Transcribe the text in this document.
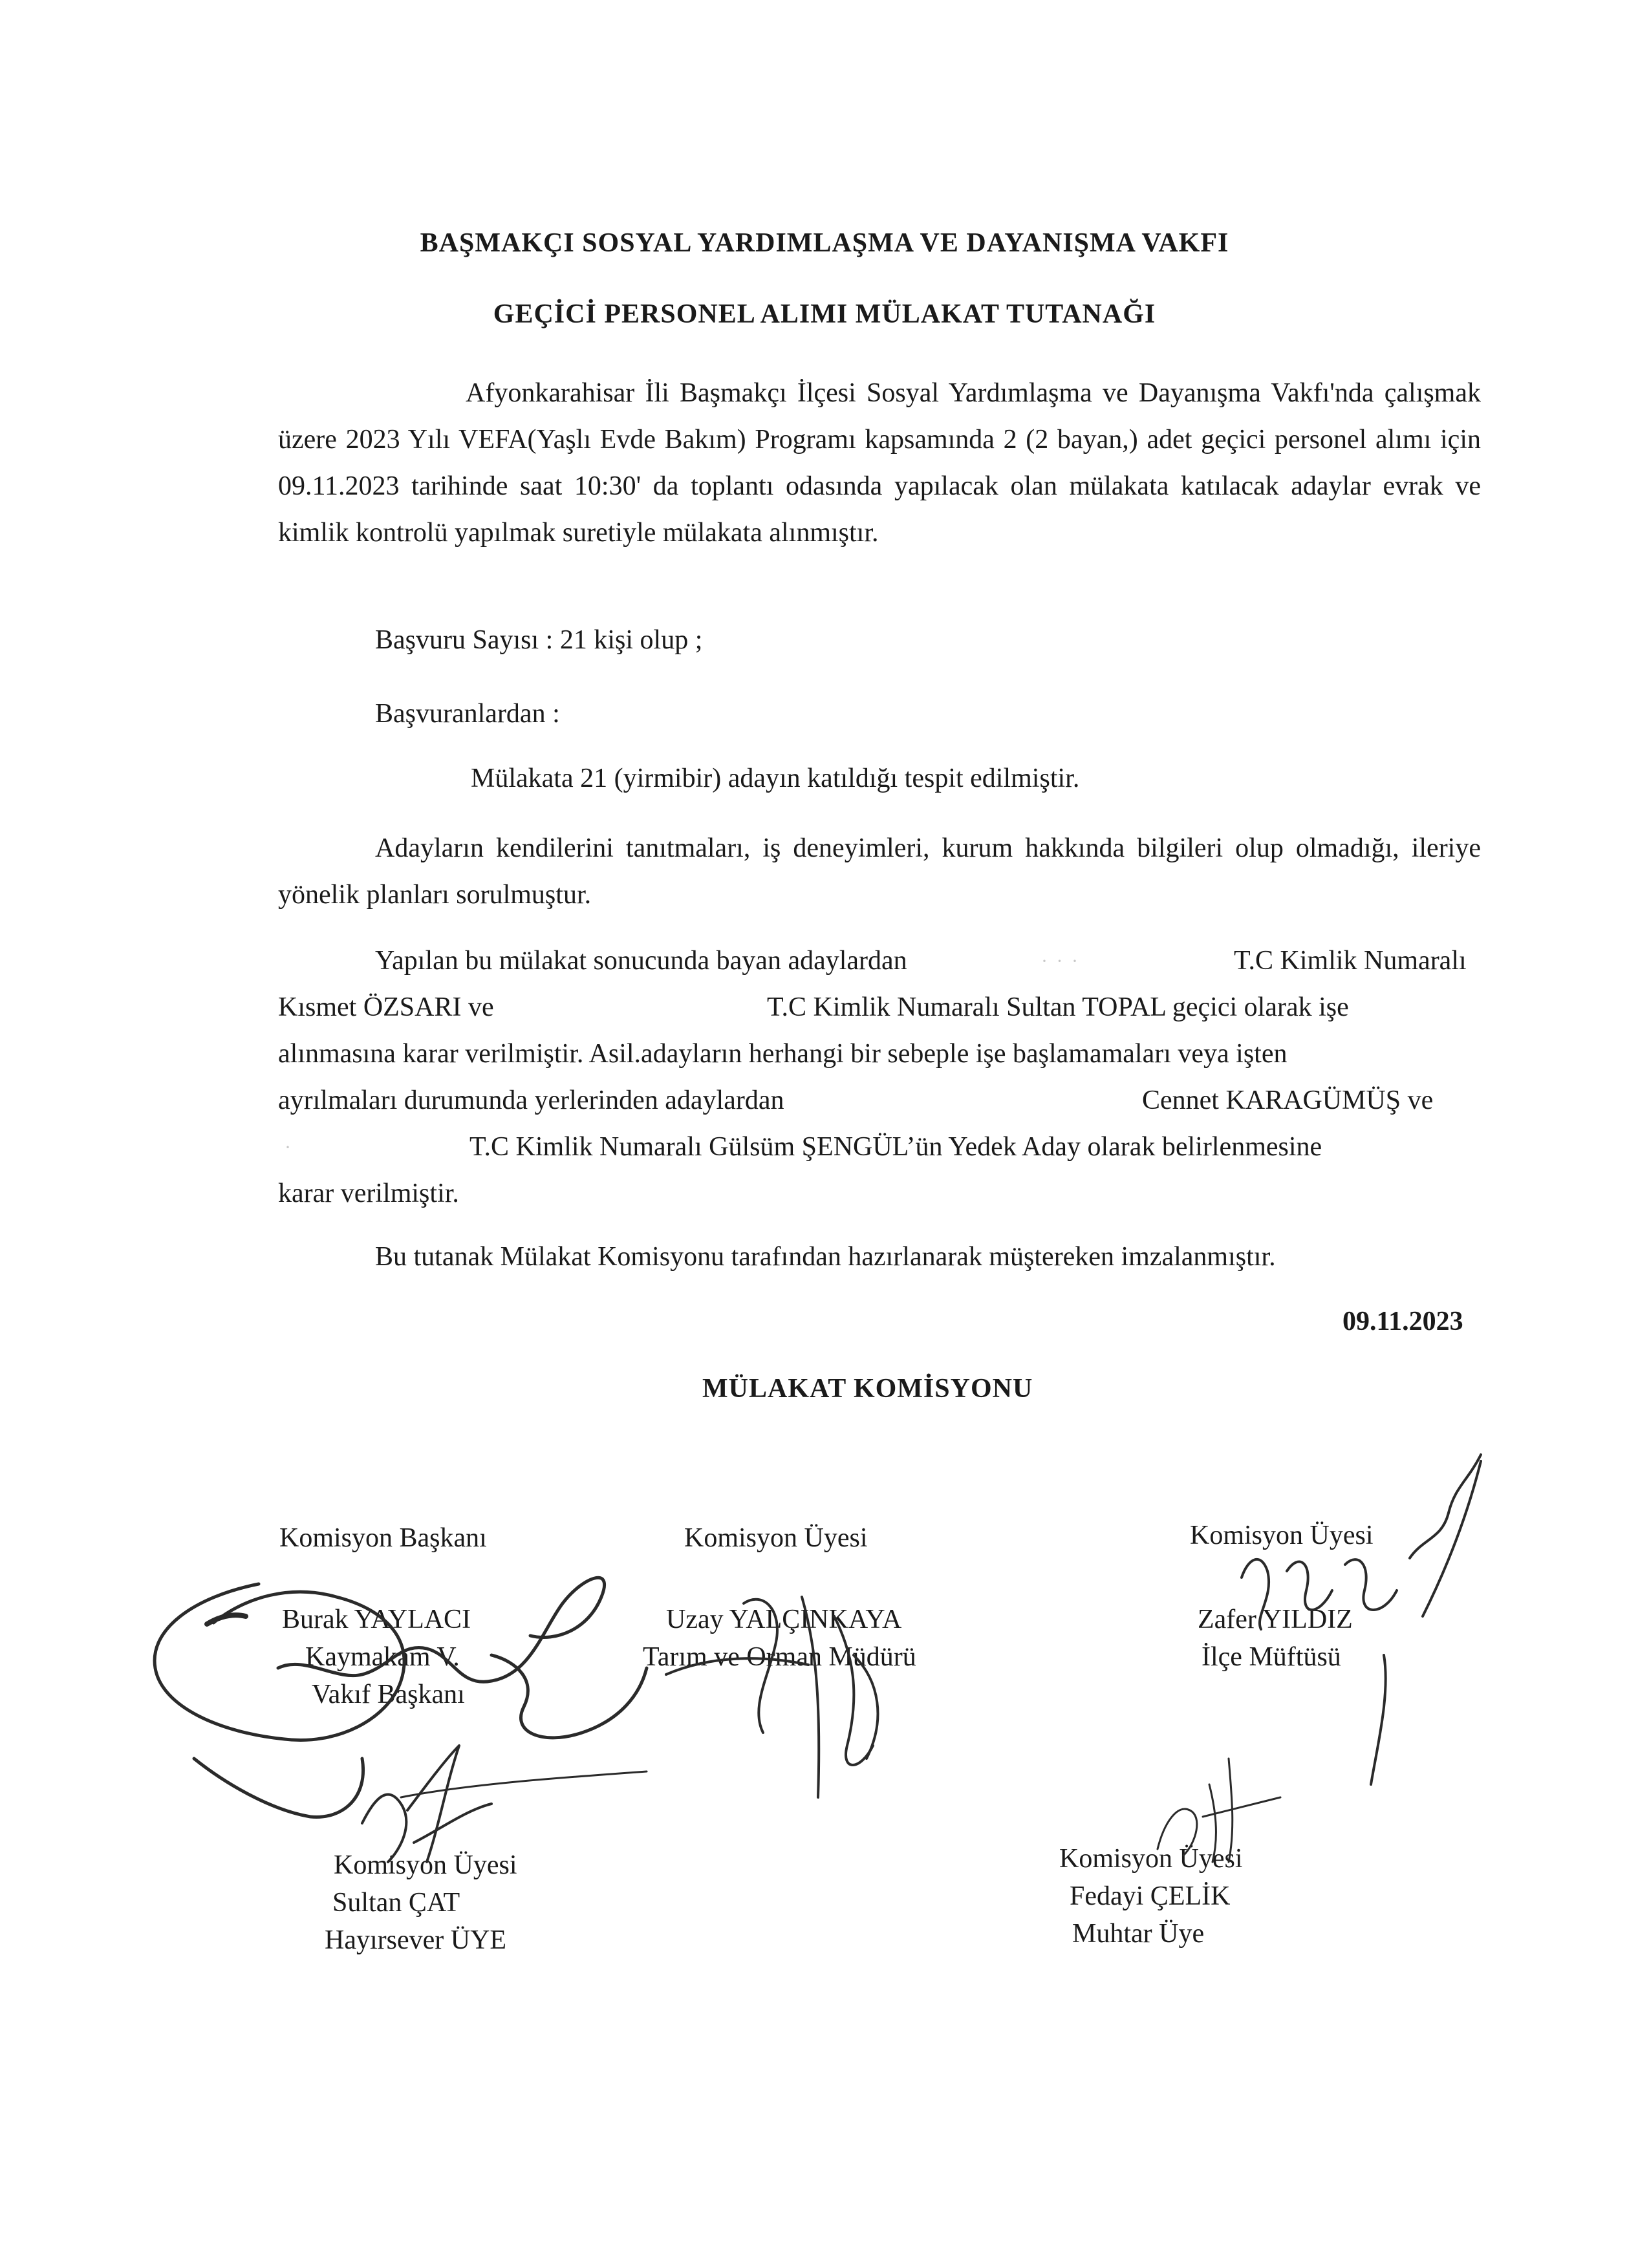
BAŞMAKÇI SOSYAL YARDIMLAŞMA VE DAYANIŞMA VAKFI
GEÇİCİ PERSONEL ALIMI MÜLAKAT TUTANAĞI
Afyonkarahisar İli Başmakçı İlçesi Sosyal Yardımlaşma ve Dayanışma Vakfı'nda çalışmak üzere 2023 Yılı VEFA(Yaşlı Evde Bakım) Programı kapsamında 2 (2 bayan,) adet geçici personel alımı için 09.11.2023 tarihinde saat 10:30' da toplantı odasında yapılacak olan mülakata katılacak adaylar evrak ve kimlik kontrolü yapılmak suretiyle mülakata alınmıştır.
Başvuru Sayısı : 21 kişi olup ;
Başvuranlardan :
Mülakata 21 (yirmibir) adayın katıldığı tespit edilmiştir.
Adayların kendilerini tanıtmaları, iş deneyimleri, kurum hakkında bilgileri olup olmadığı, ileriye yönelik planları sorulmuştur.
Yapılan bu mülakat sonucunda bayan adaylardan	· · ·	T.C Kimlik Numaralı
Kısmet ÖZSARI ve	T.C Kimlik Numaralı Sultan TOPAL geçici olarak işe
alınmasına karar verilmiştir. Asil.adayların herhangi bir sebeple işe başlamamaları veya işten
ayrılmaları durumunda yerlerinden adaylardan	Cennet KARAGÜMÜŞ ve
·	T.C Kimlik Numaralı Gülsüm ŞENGÜL’ün Yedek Aday olarak belirlenmesine
karar verilmiştir.
Bu tutanak Mülakat Komisyonu tarafından hazırlanarak müştereken imzalanmıştır.
09.11.2023
MÜLAKAT KOMİSYONU
Komisyon Başkanı
Burak YAYLACI
Kaymakam V.
Vakıf Başkanı
Komisyon Üyesi
Uzay YALÇINKAYA
Tarım ve Orman Müdürü
Komisyon Üyesi
Zafer YILDIZ
İlçe Müftüsü
Komisyon Üyesi
Sultan ÇAT
Hayırsever ÜYE
Komisyon Üyesi
Fedayi ÇELİK
Muhtar Üye
